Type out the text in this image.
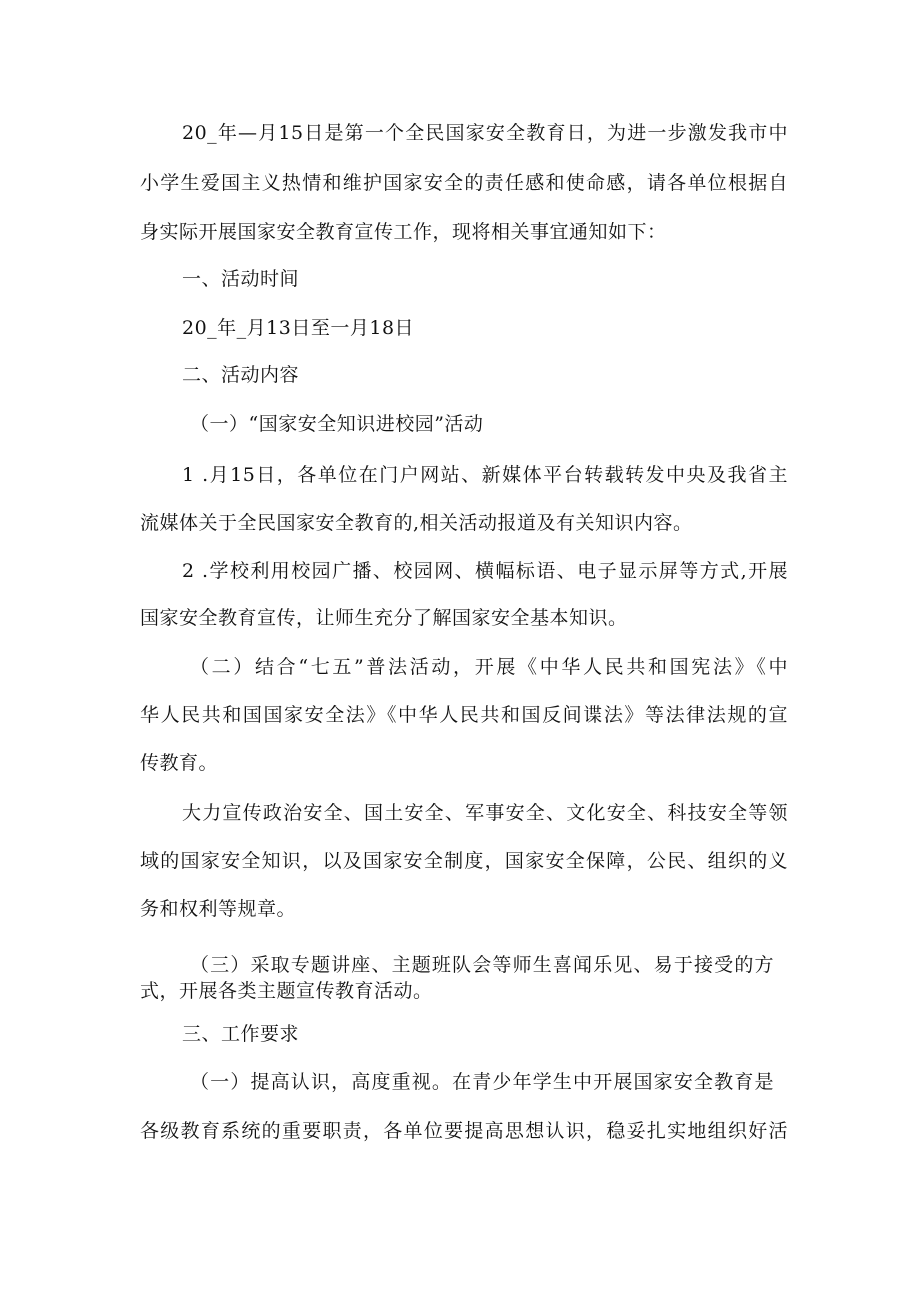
20_年—月15日是第一个全民国家安全教育日，为进一步激发我市中
小学生爱国主义热情和维护国家安全的责任感和使命感，请各单位根据自
身实际开展国家安全教育宣传工作，现将相关事宜通知如下：
一、活动时间
20_年_月13日至一月18日
二、活动内容
（一）“国家安全知识进校园”活动
1 .月15日，各单位在门户网站、新媒体平台转载转发中央及我省主
流媒体关于全民国家安全教育的,相关活动报道及有关知识内容。
2 .学校利用校园广播、校园网、横幅标语、电子显示屏等方式,开展
国家安全教育宣传，让师生充分了解国家安全基本知识。
（二）结合“七五”普法活动，开展《中华人民共和国宪法》《中
华人民共和国国家安全法》《中华人民共和国反间谍法》等法律法规的宣
传教育。
大力宣传政治安全、国土安全、军事安全、文化安全、科技安全等领
域的国家安全知识，以及国家安全制度，国家安全保障，公民、组织的义
务和权利等规章。
（三）采取专题讲座、主题班队会等师生喜闻乐见、易于接受的方
式，开展各类主题宣传教育活动。
三、工作要求
（一）提高认识，高度重视。在青少年学生中开展国家安全教育是
各级教育系统的重要职责，各单位要提高思想认识，稳妥扎实地组织好活
